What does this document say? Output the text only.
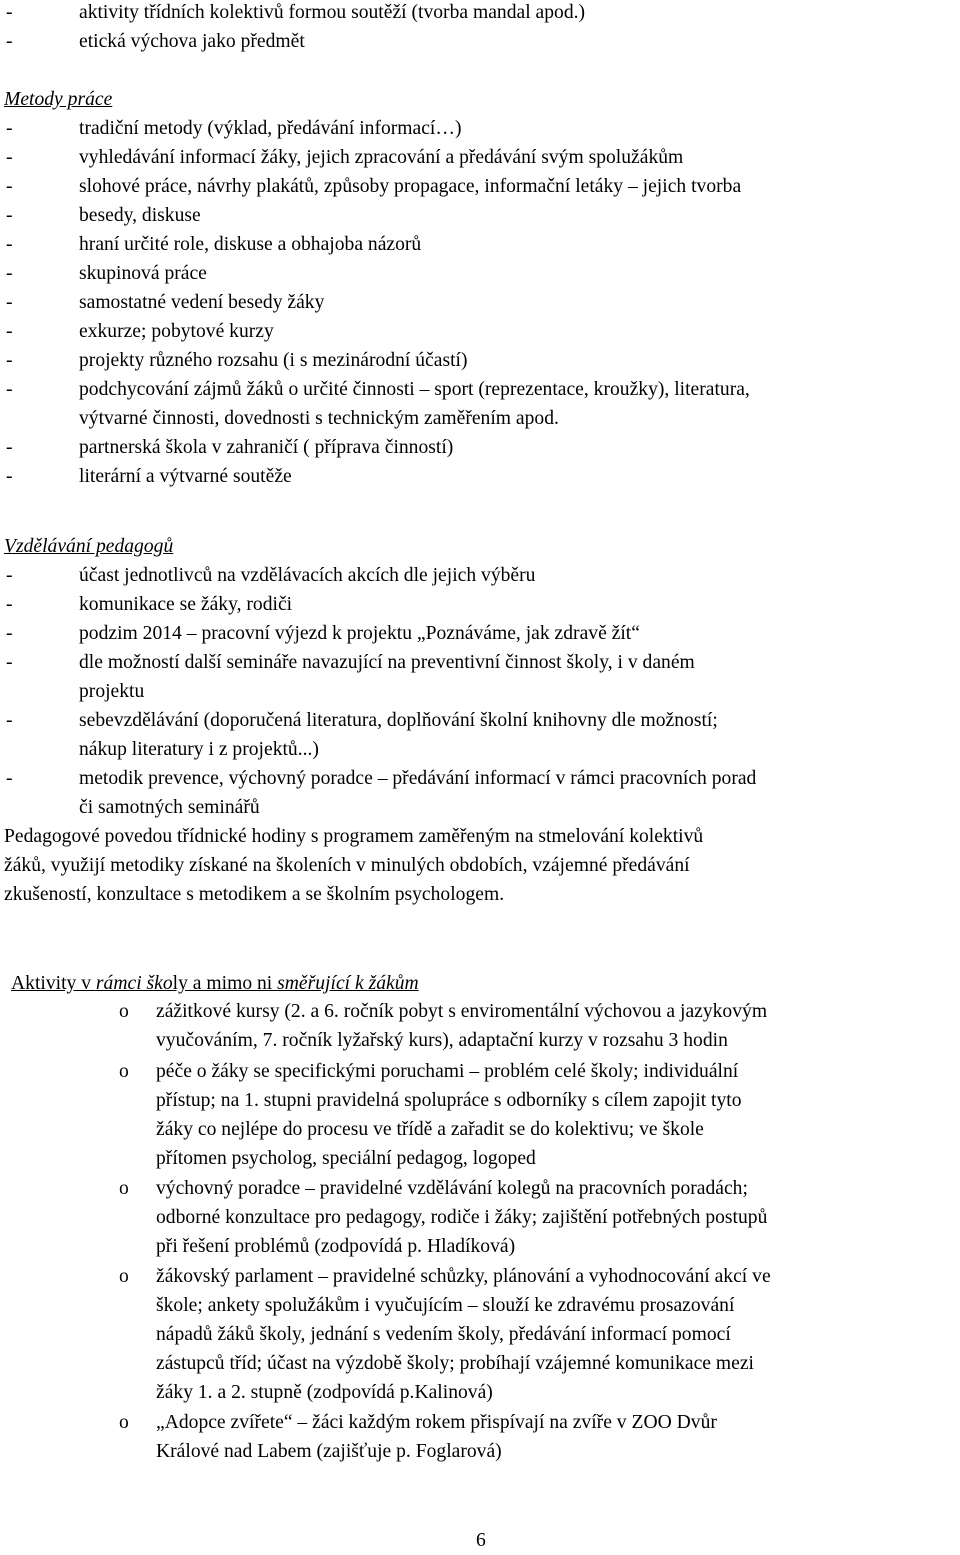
-	aktivity třídních kolektivů formou soutěží (tvorba mandal apod.)
-	etická výchova jako předmět
Metody práce
-	tradiční metody (výklad, předávání informací…)
-	vyhledávání informací žáky, jejich zpracování a předávání svým spolužákům
-	slohové práce, návrhy plakátů, způsoby propagace, informační letáky – jejich tvorba
-	besedy, diskuse
-	hraní určité role, diskuse a obhajoba názorů
-	skupinová práce
-	samostatné vedení besedy žáky
-	exkurze; pobytové kurzy
-	projekty různého rozsahu (i s mezinárodní účastí)
-	podchycování zájmů žáků o určité činnosti – sport (reprezentace, kroužky), literatura,
výtvarné činnosti, dovednosti s technickým zaměřením apod.
-	partnerská škola v zahraničí ( příprava činností)
-	literární a výtvarné soutěže
Vzdělávání pedagogů
-	účast jednotlivců na vzdělávacích akcích dle jejich výběru
-	komunikace se žáky, rodiči
-	podzim 2014 – pracovní výjezd k projektu „Poznáváme, jak zdravě žít“
-	dle možností další semináře navazující na preventivní činnost školy, i v daném
projektu
-	sebevzdělávání (doporučená literatura, doplňování školní knihovny dle možností;
nákup literatury i z projektů...)
-	metodik prevence, výchovný poradce – předávání informací v rámci pracovních porad
či samotných seminářů
Pedagogové povedou třídnické hodiny s programem zaměřeným na stmelování kolektivů
žáků, využijí metodiky získané na školeních v minulých obdobích, vzájemné předávání
zkušeností, konzultace s metodikem a se školním psychologem.
Aktivity v rámci školy a mimo ni směřující k žákům
o zážitkové kursy (2. a 6. ročník pobyt s enviromentální výchovou a jazykovým
vyučováním, 7. ročník lyžařský kurs), adaptační kurzy v rozsahu 3 hodin
o péče o žáky se specifickými poruchami – problém celé školy; individuální
přístup; na 1. stupni pravidelná spolupráce s odborníky s cílem zapojit tyto
žáky co nejlépe do procesu ve třídě a zařadit se do kolektivu; ve škole
přítomen psycholog, speciální pedagog, logoped
o výchovný poradce – pravidelné vzdělávání kolegů na pracovních poradách;
odborné konzultace pro pedagogy, rodiče i žáky; zajištění potřebných postupů
při řešení problémů (zodpovídá p. Hladíková)
o žákovský parlament – pravidelné schůzky, plánování a vyhodnocování akcí ve
škole; ankety spolužákům i vyučujícím – slouží ke zdravému prosazování
nápadů žáků školy, jednání s vedením školy, předávání informací pomocí
zástupců tříd; účast na výzdobě školy; probíhají vzájemné komunikace mezi
žáky 1. a 2. stupně (zodpovídá p.Kalinová)
o „Adopce zvířete“ – žáci každým rokem přispívají na zvíře v ZOO Dvůr
Králové nad Labem (zajišťuje p. Foglarová)
6
